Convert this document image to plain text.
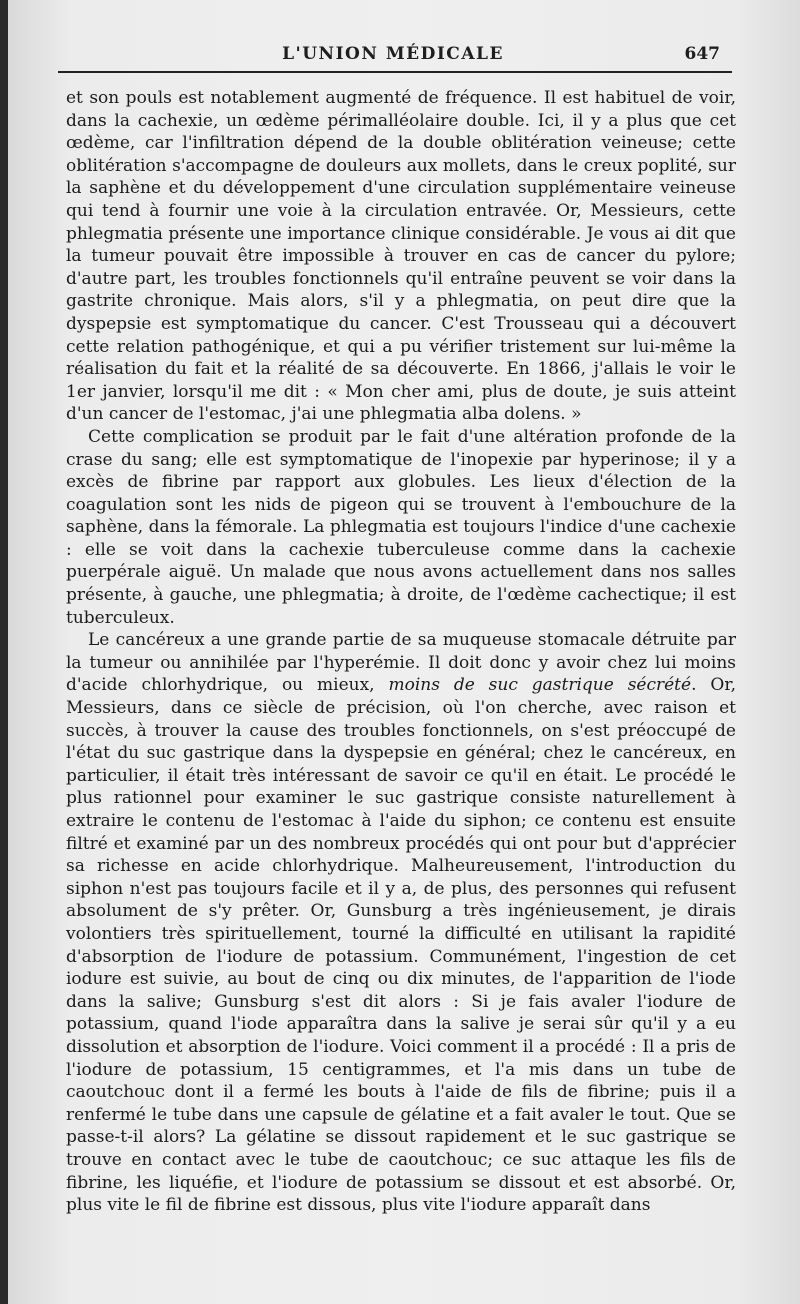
L'UNION MÉDICALE	647

et son pouls est notablement augmenté de fréquence. Il est habituel de voir, dans la cachexie, un œdème périmalléolaire double. Ici, il y a plus que cet œdème, car l'infiltration dépend de la double oblitération veineuse; cette oblitération s'accompagne de douleurs aux mollets, dans le creux poplité, sur la saphène et du développement d'une circulation supplémentaire veineuse qui tend à fournir une voie à la circulation entravée. Or, Messieurs, cette phlegmatia présente une importance clinique considérable. Je vous ai dit que la tumeur pouvait être impossible à trouver en cas de cancer du pylore; d'autre part, les troubles fonctionnels qu'il entraîne peuvent se voir dans la gastrite chronique. Mais alors, s'il y a phlegmatia, on peut dire que la dyspepsie est symptomatique du cancer. C'est Trousseau qui a découvert cette relation pathogénique, et qui a pu vérifier tristement sur lui-même la réalisation du fait et la réalité de sa découverte. En 1866, j'allais le voir le 1er janvier, lorsqu'il me dit : « Mon cher ami, plus de doute, je suis atteint d'un cancer de l'estomac, j'ai une phlegmatia alba dolens. »

Cette complication se produit par le fait d'une altération profonde de la crase du sang; elle est symptomatique de l'inopexie par hyperinose; il y a excès de fibrine par rapport aux globules. Les lieux d'élection de la coagulation sont les nids de pigeon qui se trouvent à l'embouchure de la saphène, dans la fémorale. La phlegmatia est toujours l'indice d'une cachexie : elle se voit dans la cachexie tuberculeuse comme dans la cachexie puerpérale aiguë. Un malade que nous avons actuellement dans nos salles présente, à gauche, une phlegmatia; à droite, de l'œdème cachectique; il est tuberculeux.

Le cancéreux a une grande partie de sa muqueuse stomacale détruite par la tumeur ou annihilée par l'hyperémie. Il doit donc y avoir chez lui moins d'acide chlorhydrique, ou mieux, moins de suc gastrique sécrété. Or, Messieurs, dans ce siècle de précision, où l'on cherche, avec raison et succès, à trouver la cause des troubles fonctionnels, on s'est préoccupé de l'état du suc gastrique dans la dyspepsie en général; chez le cancéreux, en particulier, il était très intéressant de savoir ce qu'il en était. Le procédé le plus rationnel pour examiner le suc gastrique consiste naturellement à extraire le contenu de l'estomac à l'aide du siphon; ce contenu est ensuite filtré et examiné par un des nombreux procédés qui ont pour but d'apprécier sa richesse en acide chlorhydrique. Malheureusement, l'introduction du siphon n'est pas toujours facile et il y a, de plus, des personnes qui refusent absolument de s'y prêter. Or, Gunsburg a très ingénieusement, je dirais volontiers très spirituellement, tourné la difficulté en utilisant la rapidité d'absorption de l'iodure de potassium. Communément, l'ingestion de cet iodure est suivie, au bout de cinq ou dix minutes, de l'apparition de l'iode dans la salive; Gunsburg s'est dit alors : Si je fais avaler l'iodure de potassium, quand l'iode apparaîtra dans la salive je serai sûr qu'il y a eu dissolution et absorption de l'iodure. Voici comment il a procédé : Il a pris de l'iodure de potassium, 15 centigrammes, et l'a mis dans un tube de caoutchouc dont il a fermé les bouts à l'aide de fils de fibrine; puis il a renfermé le tube dans une capsule de gélatine et a fait avaler le tout. Que se passe-t-il alors? La gélatine se dissout rapidement et le suc gastrique se trouve en contact avec le tube de caoutchouc; ce suc attaque les fils de fibrine, les liquéfie, et l'iodure de potassium se dissout et est absorbé. Or, plus vite le fil de fibrine est dissous, plus vite l'iodure apparaît dans
